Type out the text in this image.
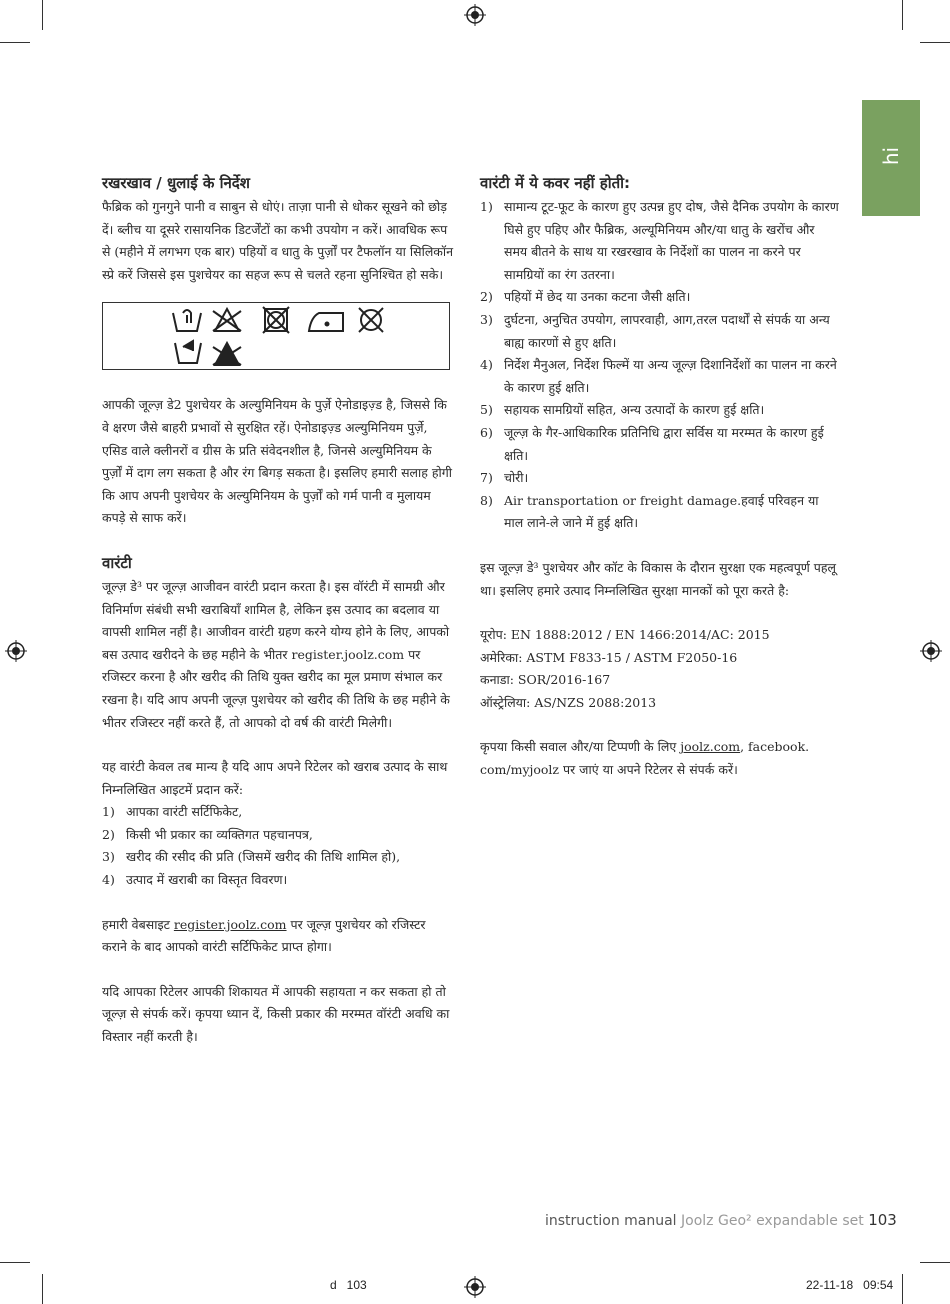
hi
रखरखाव / धुलाई के निर्देश

फैब्रिक को गुनगुने पानी व साबुन से धोएं। ताज़ा पानी से धोकर सूखने को छोड़ दें। ब्लीच या दूसरे रासायनिक डिटर्जेंटों का कभी उपयोग न करें। आवधिक रूप से (महीने में लगभग एक बार) पहियों व धातु के पुर्ज़ों पर टैफलॉन या सिलिकॉन स्प्रे करें जिससे इस पुशचेयर का सहज रूप से चलते रहना सुनिश्चित हो सके।

आपकी जूल्ज़ डे2 पुशचेयर के अल्युमिनियम के पुर्ज़े ऐनोडाइज़्ड है, जिससे कि वे क्षरण जैसे बाहरी प्रभावों से सुरक्षित रहें। ऐनोडाइज़्ड अल्युमिनियम पुर्ज़े, एसिड वाले क्लीनरों व ग्रीस के प्रति संवेदनशील है, जिनसे अल्युमिनियम के पुर्ज़ों में दाग लग सकता है और रंग बिगड़ सकता है। इसलिए हमारी सलाह होगी कि आप अपनी पुशचेयर के अल्युमिनियम के पुर्ज़ों को गर्म पानी व मुलायम कपड़े से साफ करें।

वारंटी

जूल्ज़ डे³ पर जूल्ज़ आजीवन वारंटी प्रदान करता है। इस वॉरंटी में सामग्री और विनिर्माण संबंधी सभी खराबियाँ शामिल है, लेकिन इस उत्पाद का बदलाव या वापसी शामिल नहीं है। आजीवन वारंटी ग्रहण करने योग्य होने के लिए, आपको बस उत्पाद खरीदने के छह महीने के भीतर register.joolz.com पर रजिस्टर करना है और खरीद की तिथि युक्त खरीद का मूल प्रमाण संभाल कर रखना है। यदि आप अपनी जूल्ज़ पुशचेयर को खरीद की तिथि के छह महीने के भीतर रजिस्टर नहीं करते हैं, तो आपको दो वर्ष की वारंटी मिलेगी।

यह वारंटी केवल तब मान्य है यदि आप अपने रिटेलर को खराब उत्पाद के साथ निम्नलिखित आइटमें प्रदान करें:

1) आपका वारंटी सर्टिफिकेट,
2) किसी भी प्रकार का व्यक्तिगत पहचानपत्र,
3) खरीद की रसीद की प्रति (जिसमें खरीद की तिथि शामिल हो),
4) उत्पाद में खराबी का विस्तृत विवरण।

हमारी वेबसाइट register.joolz.com पर जूल्ज़ पुशचेयर को रजिस्टर कराने के बाद आपको वारंटी सर्टिफिकेट प्राप्त होगा।

यदि आपका रिटेलर आपकी शिकायत में आपकी सहायता न कर सकता हो तो जूल्ज़ से संपर्क करें। कृपया ध्यान दें, किसी प्रकार की मरम्मत वॉरंटी अवधि का विस्तार नहीं करती है।

वारंटी में ये कवर नहीं होती:
1) सामान्य टूट-फूट के कारण हुए उत्पन्न हुए दोष, जैसे दैनिक उपयोग के कारण घिसे हुए पहिए और फैब्रिक, अल्यूमिनियम और/या धातु के खरोंच और समय बीतने के साथ या रखरखाव के निर्देशों का पालन ना करने पर सामग्रियों का रंग उतरना।
2) पहियों में छेद या उनका कटना जैसी क्षति।
3) दुर्घटना, अनुचित उपयोग, लापरवाही, आग,तरल पदार्थों से संपर्क या अन्य बाह्य कारणों से हुए क्षति।
4) निर्देश मैनुअल, निर्देश फिल्में या अन्य जूल्ज़ दिशानिर्देशों का पालन ना करने के कारण हुई क्षति।
5) सहायक सामग्रियों सहित, अन्य उत्पादों के कारण हुई क्षति।
6) जूल्ज़ के गैर-आधिकारिक प्रतिनिधि द्वारा सर्विस या मरम्मत के कारण हुई क्षति।
7) चोरी।
8) Air transportation or freight damage.हवाई परिवहन या माल लाने-ले जाने में हुई क्षति।

इस जूल्ज़ डे³ पुशचेयर और कॉट के विकास के दौरान सुरक्षा एक महत्वपूर्ण पहलू था। इसलिए हमारे उत्पाद निम्नलिखित सुरक्षा मानकों को पूरा करते है:

यूरोप: EN 1888:2012 / EN 1466:2014/AC: 2015

अमेरिका: ASTM F833-15 / ASTM F2050-16

कनाडा: SOR/2016-167

ऑस्ट्रेलिया: AS/NZS 2088:2013

कृपया किसी सवाल और/या टिप्पणी के लिए joolz.com, facebook. com/myjoolz पर जाएं या अपने रिटेलर से संपर्क करें।

instruction manual Joolz Geo² expandable set 103
d   103	22-11-18   09:54
